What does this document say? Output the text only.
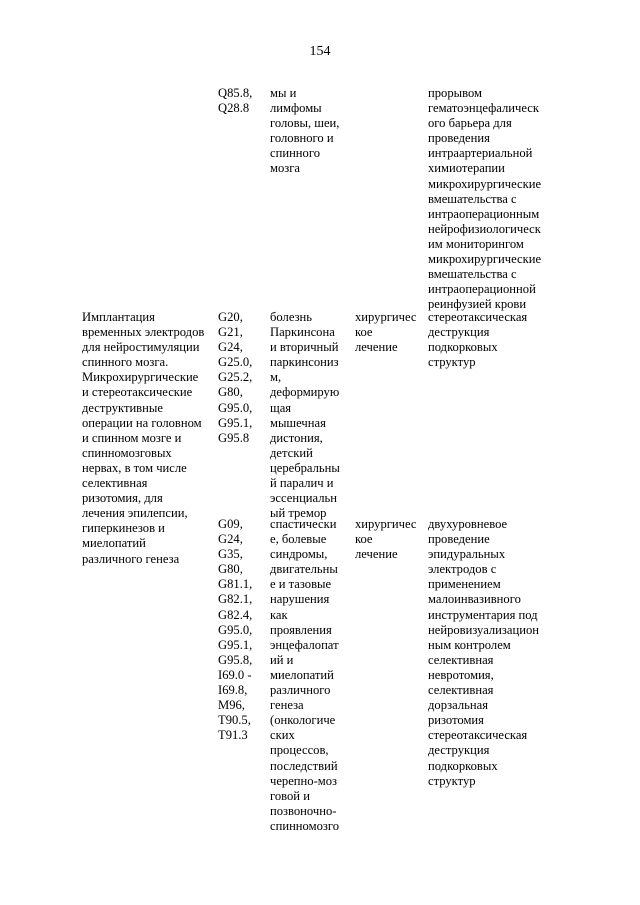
154
Q85.8,
Q28.8
мы и
лимфомы
головы, шеи,
головного и
спинного
мозга
прорывом
гематоэнцефалическ
ого барьера для
проведения
интраартериальной
химиотерапии
микрохирургические
вмешательства с
интраоперационным
нейрофизиологическ
им мониторингом
микрохирургические
вмешательства с
интраоперационной
реинфузией крови
Имплантация
временных электродов
для нейростимуляции
спинного мозга.
Микрохирургические
и стереотаксические
деструктивные
операции на головном
и спинном мозге и
спинномозговых
нервах, в том числе
селективная
ризотомия, для
лечения эпилепсии,
гиперкинезов и
миелопатий
различного генеза
G20,
G21,
G24,
G25.0,
G25.2,
G80,
G95.0,
G95.1,
G95.8
болезнь
Паркинсона
и вторичный
паркинсониз
м,
деформирую
щая
мышечная
дистония,
детский
церебральны
й паралич и
эссенциальн
ый тремор
хирургичес
кое
лечение
стереотаксическая
деструкция
подкорковых
структур
G09,
G24,
G35,
G80,
G81.1,
G82.1,
G82.4,
G95.0,
G95.1,
G95.8,
I69.0 -
I69.8,
M96,
T90.5,
T91.3
спастически
е, болевые
синдромы,
двигательны
е и тазовые
нарушения
как
проявления
энцефалопат
ий и
миелопатий
различного
генеза
(онкологиче
ских
процессов,
последствий
черепно-моз
говой и
позвоночно-
спинномозго
хирургичес
кое
лечение
двухуровневое
проведение
эпидуральных
электродов с
применением
малоинвазивного
инструментария под
нейровизуализацион
ным контролем
селективная
невротомия,
селективная
дорзальная
ризотомия
стереотаксическая
деструкция
подкорковых
структур
